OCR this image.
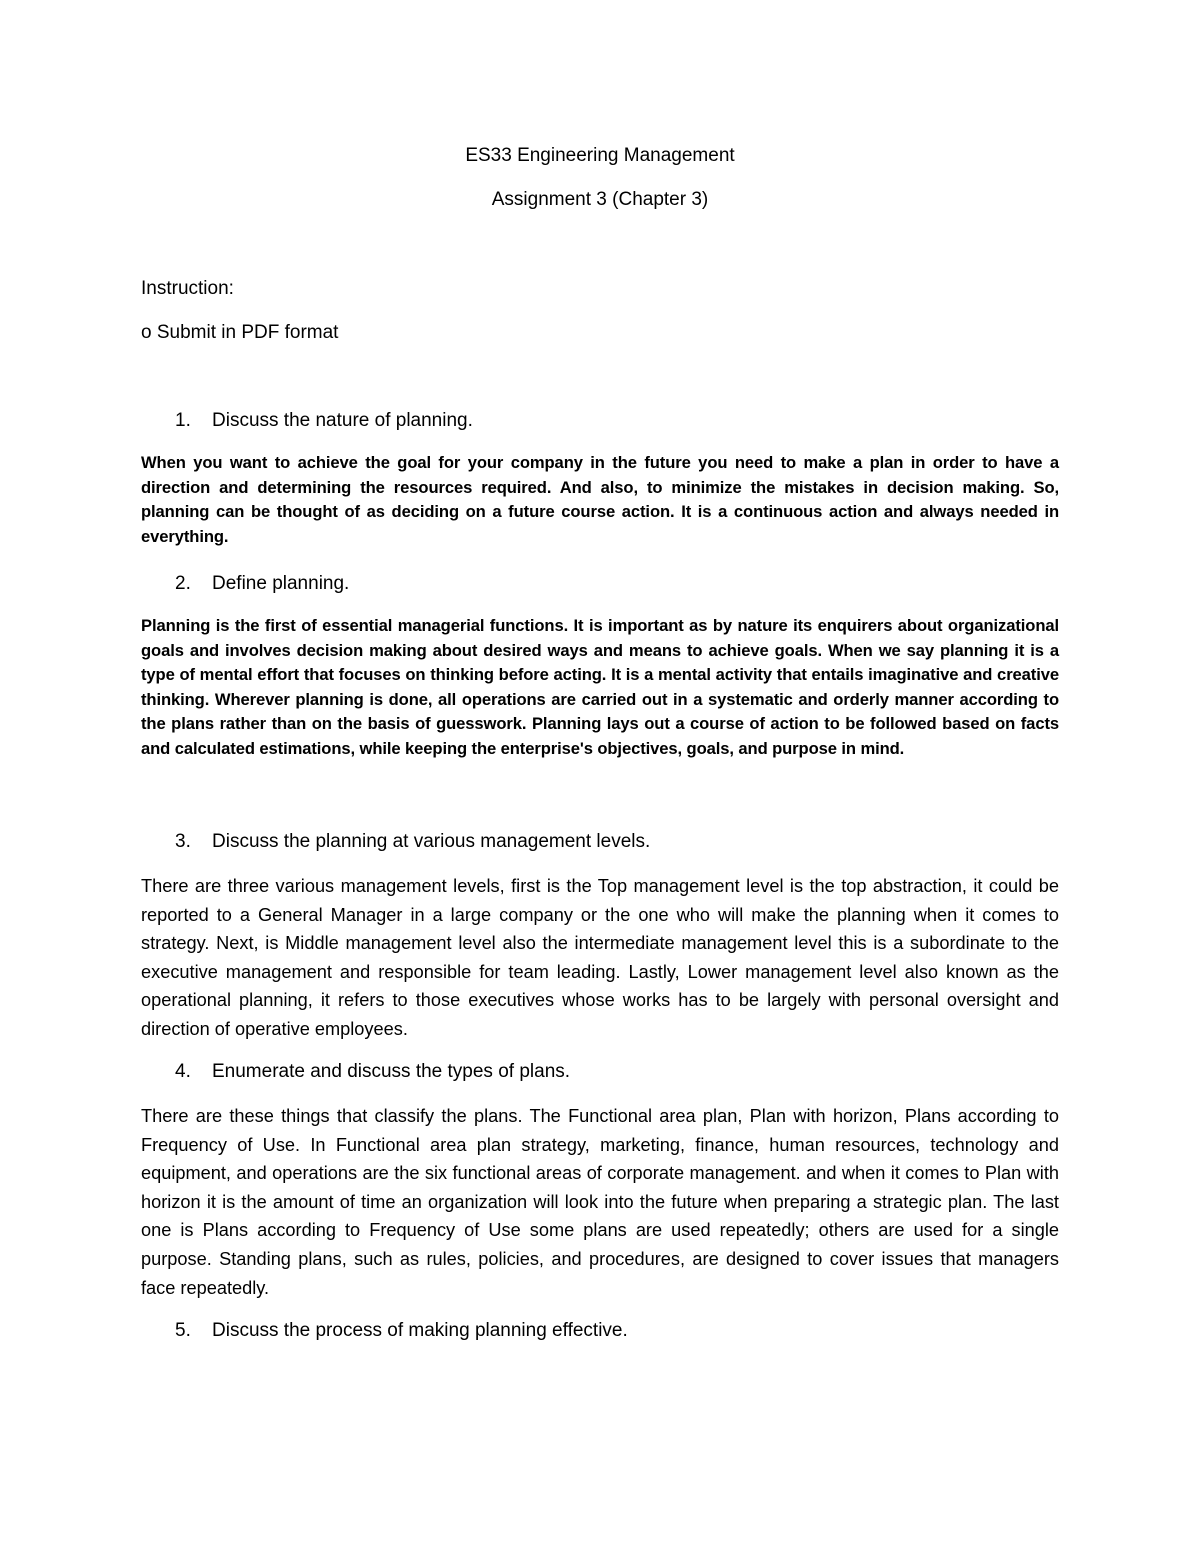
ES33 Engineering Management
Assignment 3 (Chapter 3)
Instruction:
o Submit in PDF format
1. Discuss the nature of planning.

When you want to achieve the goal for your company in the future you need to make a plan in order to have a direction and determining the resources required. And also, to minimize the mistakes in decision making. So, planning can be thought of as deciding on a future course action. It is a continuous action and always needed in everything.

2. Define planning.

Planning is the first of essential managerial functions. It is important as by nature its enquirers about organizational goals and involves decision making about desired ways and means to achieve goals. When we say planning it is a type of mental effort that focuses on thinking before acting. It is a mental activity that entails imaginative and creative thinking. Wherever planning is done, all operations are carried out in a systematic and orderly manner according to the plans rather than on the basis of guesswork. Planning lays out a course of action to be followed based on facts and calculated estimations, while keeping the enterprise's objectives, goals, and purpose in mind.

3. Discuss the planning at various management levels.

There are three various management levels, first is the Top management level is the top abstraction, it could be reported to a General Manager in a large company or the one who will make the planning when it comes to strategy. Next, is Middle management level also the intermediate management level this is a subordinate to the executive management and responsible for team leading. Lastly, Lower management level also known as the operational planning, it refers to those executives whose works has to be largely with personal oversight and direction of operative employees.

4. Enumerate and discuss the types of plans.

There are these things that classify the plans. The Functional area plan, Plan with horizon, Plans according to Frequency of Use. In Functional area plan strategy, marketing, finance, human resources, technology and equipment, and operations are the six functional areas of corporate management. and when it comes to Plan with horizon it is the amount of time an organization will look into the future when preparing a strategic plan. The last one is Plans according to Frequency of Use some plans are used repeatedly; others are used for a single purpose. Standing plans, such as rules, policies, and procedures, are designed to cover issues that managers face repeatedly.

5. Discuss the process of making planning effective.
